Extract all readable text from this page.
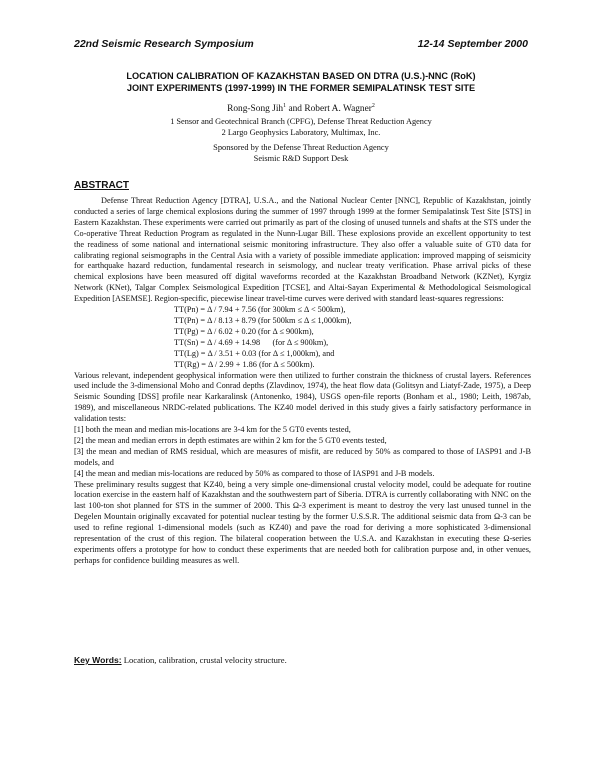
22nd Seismic Research Symposium	12-14 September 2000
LOCATION CALIBRATION OF KAZAKHSTAN BASED ON DTRA (U.S.)-NNC (RoK)
JOINT EXPERIMENTS (1997-1999) IN THE FORMER SEMIPALATINSK TEST SITE
Rong-Song Jih$^1$ and Robert A. Wagner$^2$
1 Sensor and Geotechnical Branch (CPFG), Defense Threat Reduction Agency
2 Largo Geophysics Laboratory, Multimax, Inc.
Sponsored by the Defense Threat Reduction Agency
Seismic R&D Support Desk
ABSTRACT

Defense Threat Reduction Agency [DTRA], U.S.A., and the National Nuclear Center [NNC], Republic of Kazakhstan, jointly conducted a series of large chemical explosions during the summer of 1997 through 1999 at the former Semipalatinsk Test Site [STS] in Eastern Kazakhstan. These experiments were carried out primarily as part of the closing of unused tunnels and shafts at the STS under the Co-operative Threat Reduction Program as regulated in the Nunn-Lugar Bill. These explosions provide an excellent opportunity to test the readiness of some national and international seismic monitoring infrastructure. They also offer a valuable suite of GT0 data for calibrating regional seismographs in the Central Asia with a variety of possible immediate application: improved mapping of seismicity for earthquake hazard reduction, fundamental research in seismology, and nuclear treaty verification. Phase arrival picks of these chemical explosions have been measured off digital waveforms recorded at the Kazakhstan Broadband Network (KZNet), Kyrgiz Network (KNet), Talgar Complex Seismological Expedition [TCSE], and Altai-Sayan Experimental & Methodological Seismological Expedition [ASEMSE]. Region-specific, piecewise linear travel-time curves were derived with standard least-squares regressions:

TT(Pn) = Δ / 7.94 + 7.56 (for 300km ≤ Δ < 500km),
TT(Pn) = Δ / 8.13 + 8.79 (for 500km ≤ Δ ≤ 1,000km),
TT(Pg) = Δ / 6.02 + 0.20 (for Δ ≤ 900km),
TT(Sn) = Δ / 4.69 + 14.98      (for Δ ≤ 900km),
TT(Lg) = Δ / 3.51 + 0.03 (for Δ ≤ 1,000km), and
TT(Rg) = Δ / 2.99 + 1.86 (for Δ ≤ 500km).

Various relevant, independent geophysical information were then utilized to further constrain the thickness of crustal layers. References used include the 3-dimensional Moho and Conrad depths (Zlavdinov, 1974), the heat flow data (Golitsyn and Liatyf-Zade, 1975), a Deep Seismic Sounding [DSS] profile near Karkaralinsk (Antonenko, 1984), USGS open-file reports (Bonham et al., 1980; Leith, 1987ab, 1989), and miscellaneous NRDC-related publications. The KZ40 model derived in this study gives a fairly satisfactory performance in validation tests:

[1] both the mean and median mis-locations are 3-4 km for the 5 GT0 events tested,

[2] the mean and median errors in depth estimates are within 2 km for the 5 GT0 events tested,

[3] the mean and median of RMS residual, which are measures of misfit, are reduced by 50% as compared to those of IASP91 and J-B models, and

[4] the mean and median mis-locations are reduced by 50% as compared to those of IASP91 and J-B models.

These preliminary results suggest that KZ40, being a very simple one-dimensional crustal velocity model, could be adequate for routine location exercise in the eastern half of Kazakhstan and the southwestern part of Siberia. DTRA is currently collaborating with NNC on the last 100-ton shot planned for STS in the summer of 2000. This Ω-3 experiment is meant to destroy the very last unused tunnel in the Degelen Mountain originally excavated for potential nuclear testing by the former U.S.S.R. The additional seismic data from Ω-3 can be used to refine regional 1-dimensional models (such as KZ40) and pave the road for deriving a more sophisticated 3-dimensional representation of the crust of this region. The bilateral cooperation between the U.S.A. and Kazakhstan in executing these Ω-series experiments offers a prototype for how to conduct these experiments that are needed both for calibration purpose and, in other venues, perhaps for confidence building measures as well.

Key Words: Location, calibration, crustal velocity structure.
